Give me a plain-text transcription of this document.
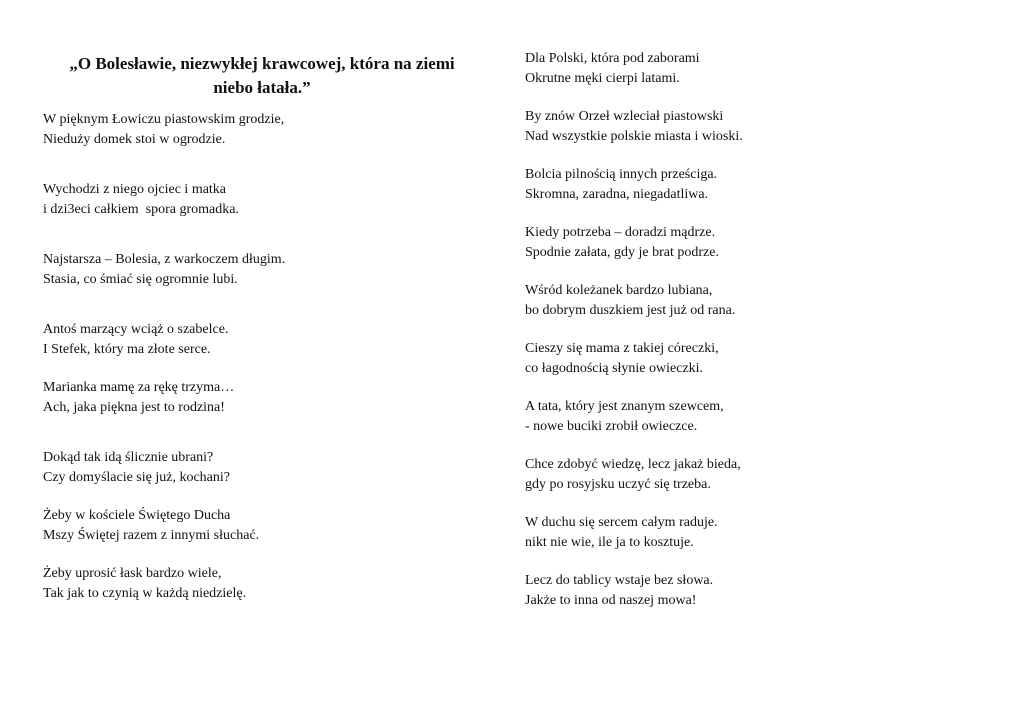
„O Bolesławie, niezwykłej krawcowej, która na ziemi
niebo łatała.”
W pięknym Łowiczu piastowskim grodzie,
Nieduży domek stoi w ogrodzie.
Wychodzi z niego ojciec i matka
i dzi3eci całkiem  spora gromadka.
Najstarsza – Bolesia, z warkoczem długim.
Stasia, co śmiać się ogromnie lubi.
Antoś marzący wciąż o szabelce.
I Stefek, który ma złote serce.
Marianka mamę za rękę trzyma…
Ach, jaka piękna jest to rodzina!
Dokąd tak idą ślicznie ubrani?
Czy domyślacie się już, kochani?
Żeby w kościele Świętego Ducha
Mszy Świętej razem z innymi słuchać.
Żeby uprosić łask bardzo wiele,
Tak jak to czynią w każdą niedzielę.
Dla Polski, która pod zaborami
Okrutne męki cierpi latami.
By znów Orzeł wzleciał piastowski
Nad wszystkie polskie miasta i wioski.
Bolcia pilnością innych prześciga.
Skromna, zaradna, niegadatliwa.
Kiedy potrzeba – doradzi mądrze.
Spodnie załata, gdy je brat podrze.
Wśród koleżanek bardzo lubiana,
bo dobrym duszkiem jest już od rana.
Cieszy się mama z takiej córeczki,
co łagodnością słynie owieczki.
A tata, który jest znanym szewcem,
- nowe buciki zrobił owieczce.
Chce zdobyć wiedzę, lecz jakaż bieda,
gdy po rosyjsku uczyć się trzeba.
W duchu się sercem całym raduje.
nikt nie wie, ile ja to kosztuje.
Lecz do tablicy wstaje bez słowa.
Jakże to inna od naszej mowa!
